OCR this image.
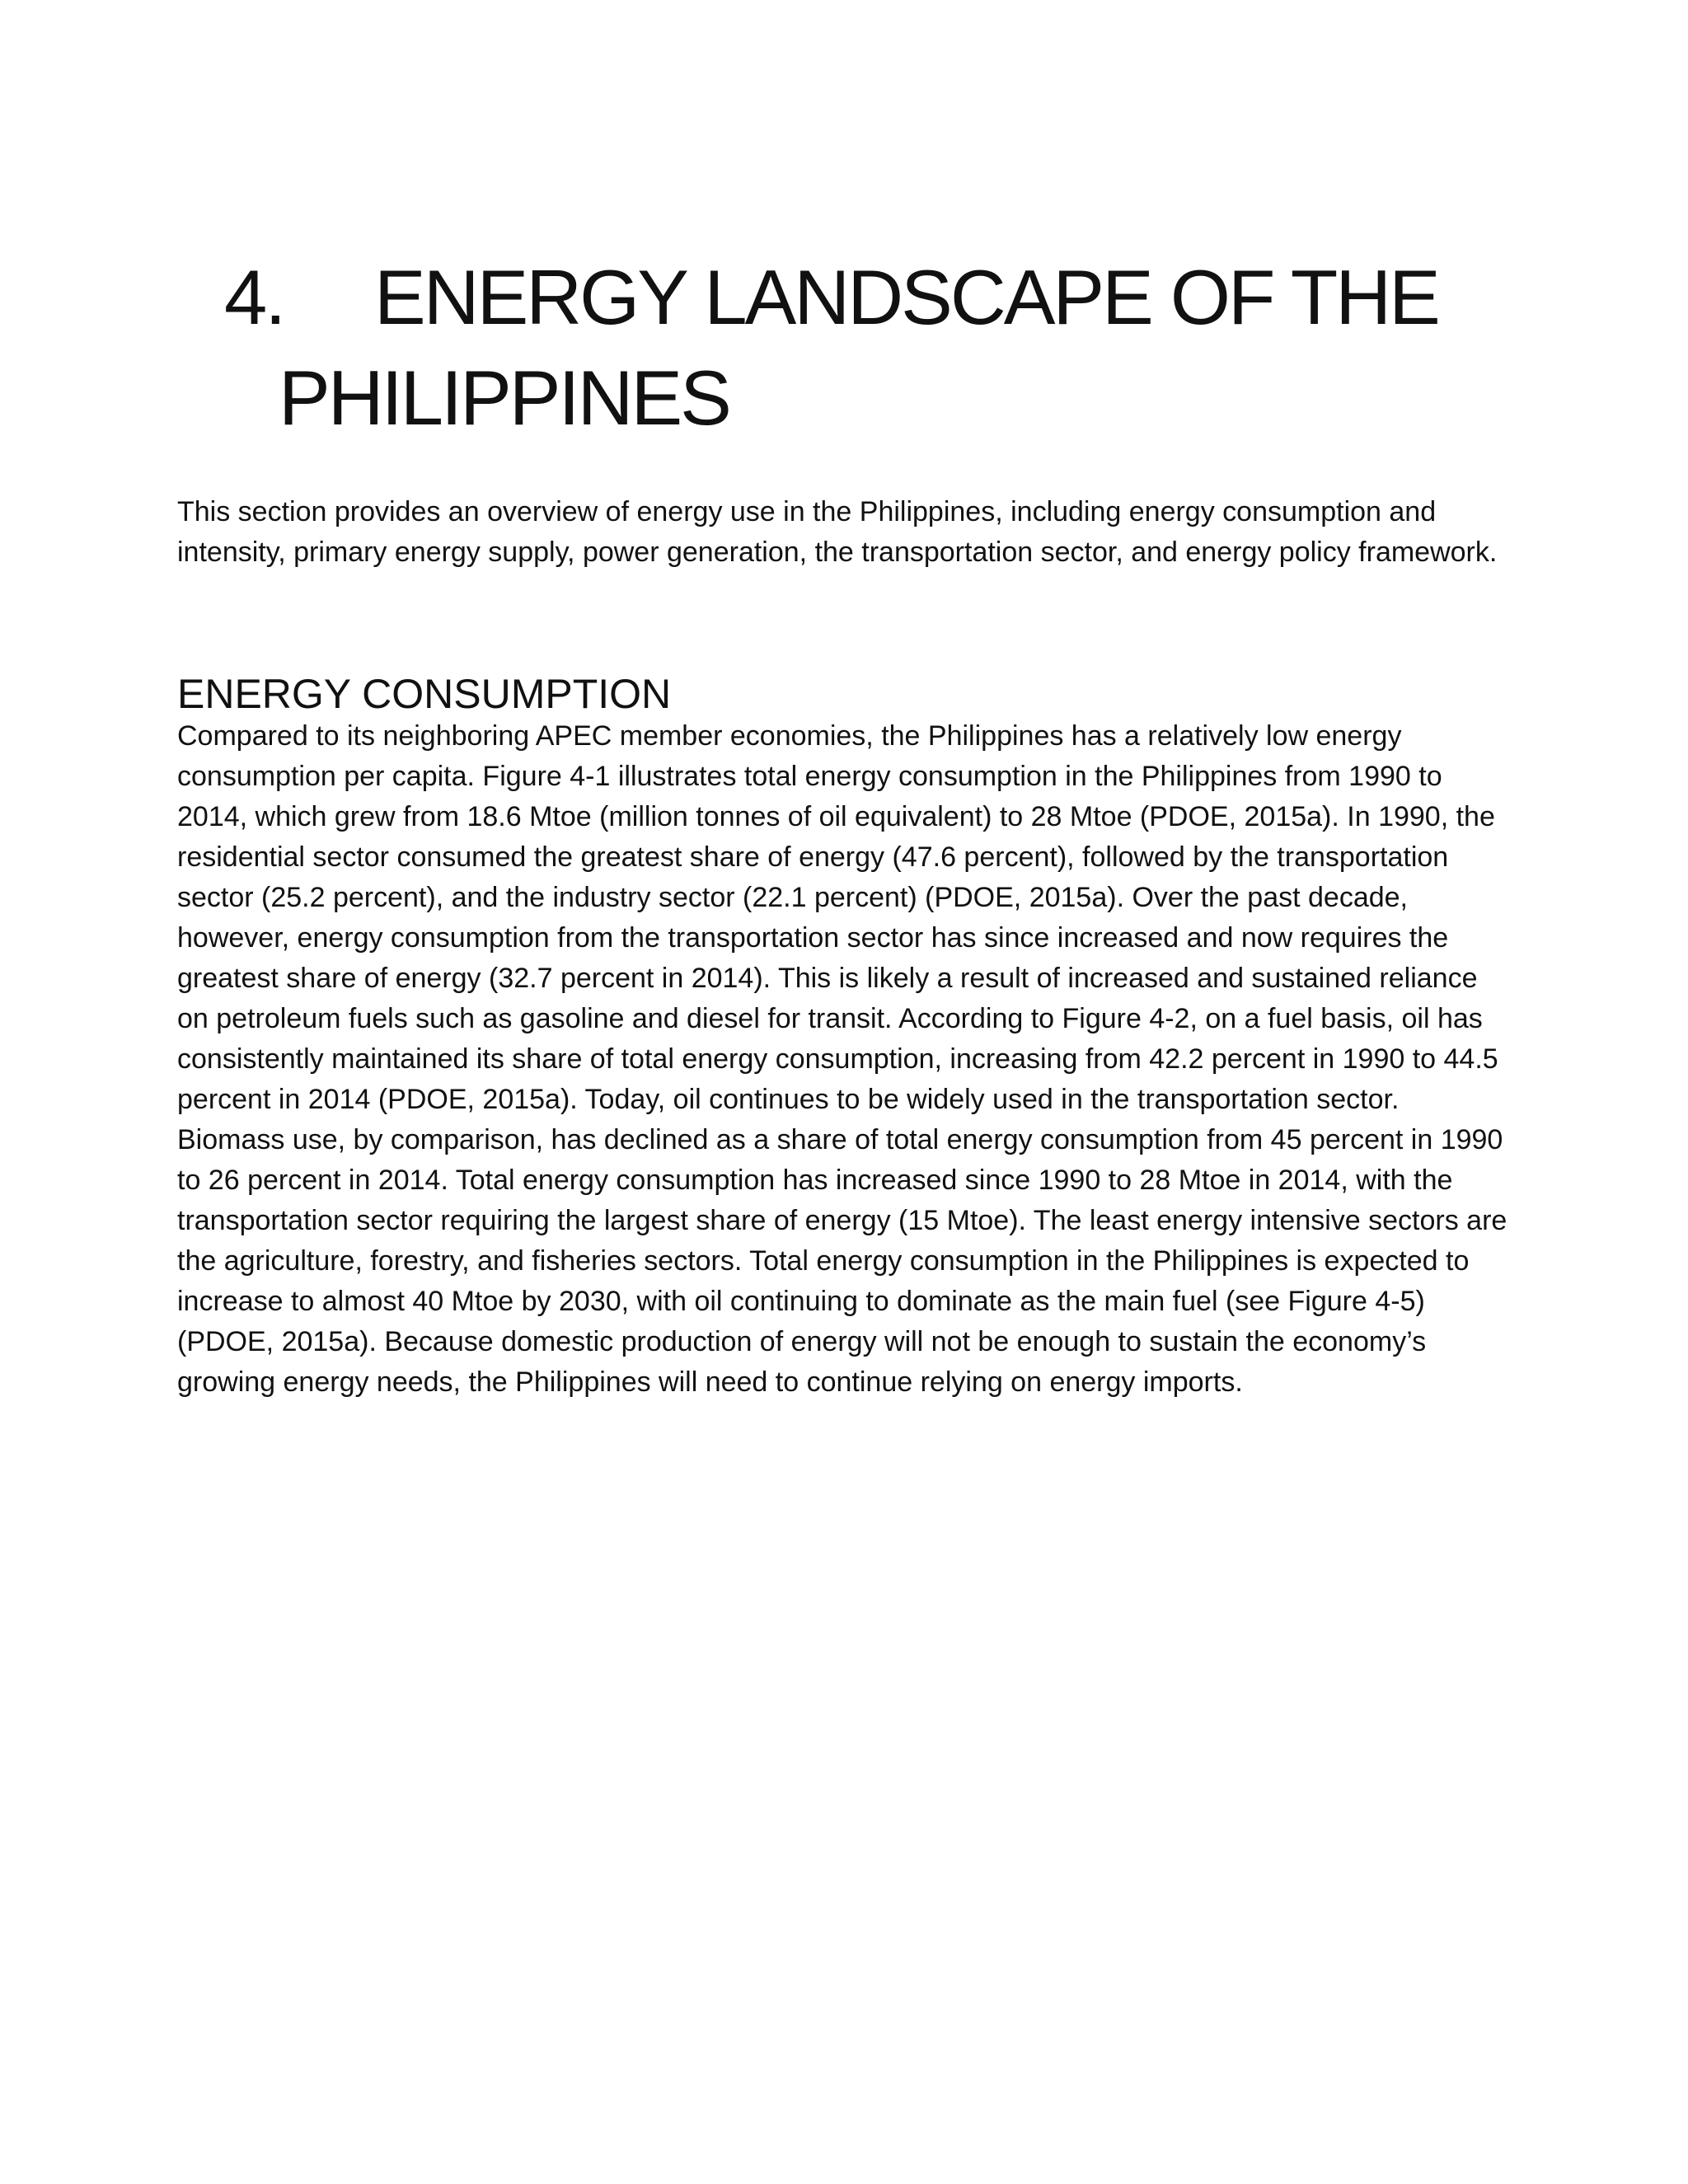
4. ENERGY LANDSCAPE OF THE
PHILIPPINES

This section provides an overview of energy use in the Philippines, including energy consumption and intensity, primary energy supply, power generation, the transportation sector, and energy policy framework.

ENERGY CONSUMPTION

Compared to its neighboring APEC member economies, the Philippines has a relatively low energy consumption per capita. Figure 4-1 illustrates total energy consumption in the Philippines from 1990 to 2014, which grew from 18.6 Mtoe (million tonnes of oil equivalent) to 28 Mtoe (PDOE, 2015a). In 1990, the residential sector consumed the greatest share of energy (47.6 percent), followed by the transportation sector (25.2 percent), and the industry sector (22.1 percent) (PDOE, 2015a). Over the past decade, however, energy consumption from the transportation sector has since increased and now requires the greatest share of energy (32.7 percent in 2014). This is likely a result of increased and sustained reliance on petroleum fuels such as gasoline and diesel for transit. According to Figure 4-2, on a fuel basis, oil has consistently maintained its share of total energy consumption, increasing from 42.2 percent in 1990 to 44.5 percent in 2014 (PDOE, 2015a). Today, oil continues to be widely used in the transportation sector. Biomass use, by comparison, has declined as a share of total energy consumption from 45 percent in 1990 to 26 percent in 2014. Total energy consumption has increased since 1990 to 28 Mtoe in 2014, with the transportation sector requiring the largest share of energy (15 Mtoe). The least energy intensive sectors are the agriculture, forestry, and fisheries sectors. Total energy consumption in the Philippines is expected to increase to almost 40 Mtoe by 2030, with oil continuing to dominate as the main fuel (see Figure 4-5) (PDOE, 2015a). Because domestic production of energy will not be enough to sustain the economy’s growing energy needs, the Philippines will need to continue relying on energy imports.
